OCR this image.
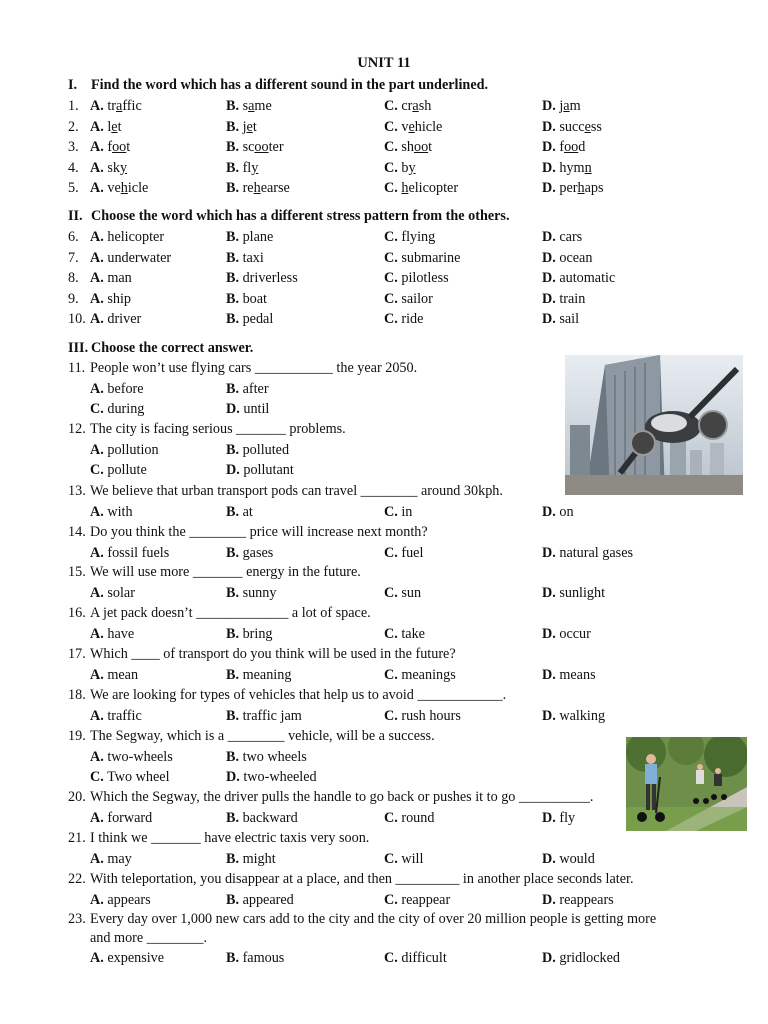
UNIT 11
I. Find the word which has a different sound in the part underlined.
1. A. traffic	B. same	C. crash	D. jam
2. A. let	B. jet	C. vehicle	D. success
3. A. foot	B. scooter	C. shoot	D. food
4. A. sky	B. fly	C. by	D. hymn
5. A. vehicle	B. rehearse	C. helicopter	D. perhaps
II. Choose the word which has a different stress pattern from the others.
6. A. helicopter	B. plane	C. flying	D. cars
7. A. underwater	B. taxi	C. submarine	D. ocean
8. A. man	B. driverless	C. pilotless	D. automatic
9. A. ship	B. boat	C. sailor	D. train
10. A. driver	B. pedal	C. ride	D. sail
III. Choose the correct answer.
11. People won’t use flying cars ___________ the year 2050.
A. before	B. after
C. during	D. until
12. The city is facing serious _______ problems.
A. pollution	B. polluted
C. pollute	D. pollutant
13. We believe that urban transport pods can travel ________ around 30kph.
A. with	B. at	C. in	D. on
14. Do you think the ________ price will increase next month?
A. fossil fuels	B. gases	C. fuel	D. natural gases
15. We will use more _______ energy in the future.
A. solar	B. sunny	C. sun	D. sunlight
16. A jet pack doesn’t _____________ a lot of space.
A. have	B. bring	C. take	D. occur
17. Which ____ of transport do you think will be used in the future?
A. mean	B. meaning	C. meanings	D. means
18. We are looking for types of vehicles that help us to avoid ____________.
A. traffic	B. traffic jam	C. rush hours	D. walking
19. The Segway, which is a ________ vehicle, will be a success.
A. two-wheels	B. two wheels
C. Two wheel	D. two-wheeled
20. Which the Segway, the driver pulls the handle to go back or pushes it to go __________.
A. forward	B. backward	C. round	D. fly
21. I think we _______ have electric taxis very soon.
A. may	B. might	C. will	D. would
22. With teleportation, you disappear at a place, and then _________ in another place seconds later.
A. appears	B. appeared	C. reappear	D. reappears
23. Every day over 1,000 new cars add to the city and the city of over 20 million people is getting more
and more ________.
A. expensive	B. famous	C. difficult	D. gridlocked
